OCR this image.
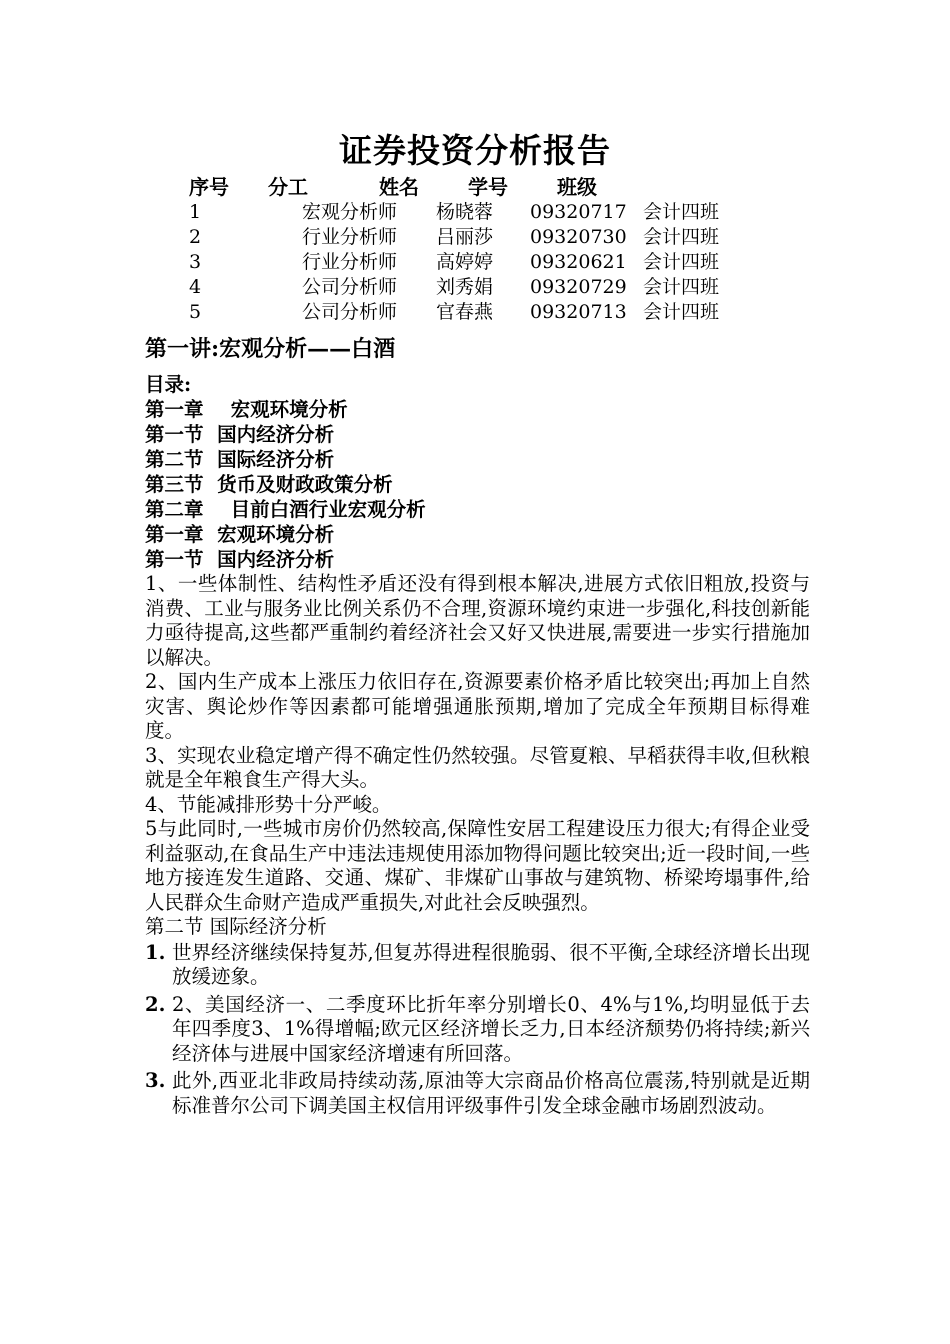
证券投资分析报告
序号 分工	姓名 学号 班级
1	宏观分析师 杨晓蓉 09320717 会计四班
2	行业分析师 吕丽莎 09320730 会计四班
3	行业分析师 高婷婷 09320621 会计四班
4	公司分析师 刘秀娟 09320729 会计四班
5	公司分析师 官春燕 09320713 会计四班
第一讲:宏观分析——白酒
目录:
第一章    宏观环境分析
第一节  国内经济分析
第二节  国际经济分析
第三节  货币及财政政策分析
第二章    目前白酒行业宏观分析
第一章  宏观环境分析
第一节  国内经济分析

1、一些体制性、结构性矛盾还没有得到根本解决,进展方式依旧粗放,投资与消费、工业与服务业比例关系仍不合理,资源环境约束进一步强化,科技创新能力亟待提高,这些都严重制约着经济社会又好又快进展,需要进一步实行措施加以解决。

2、国内生产成本上涨压力依旧存在,资源要素价格矛盾比较突出;再加上自然灾害、舆论炒作等因素都可能增强通胀预期,增加了完成全年预期目标得难度。

3、实现农业稳定增产得不确定性仍然较强。尽管夏粮、早稻获得丰收,但秋粮就是全年粮食生产得大头。

4、节能减排形势十分严峻。

5与此同时,一些城市房价仍然较高,保障性安居工程建设压力很大;有得企业受利益驱动,在食品生产中违法违规使用添加物得问题比较突出;近一段时间,一些地方接连发生道路、交通、煤矿、非煤矿山事故与建筑物、桥梁垮塌事件,给人民群众生命财产造成严重损失,对此社会反映强烈。

第二节 国际经济分析

1. 世界经济继续保持复苏,但复苏得进程很脆弱、很不平衡,全球经济增长出现放缓迹象。
2. 2、美国经济一、二季度环比折年率分别增长0、4%与1%,均明显低于去年四季度3、1%得增幅;欧元区经济增长乏力,日本经济颓势仍将持续;新兴经济体与进展中国家经济增速有所回落。
3. 此外,西亚北非政局持续动荡,原油等大宗商品价格高位震荡,特别就是近期标准普尔公司下调美国主权信用评级事件引发全球金融市场剧烈波动。
